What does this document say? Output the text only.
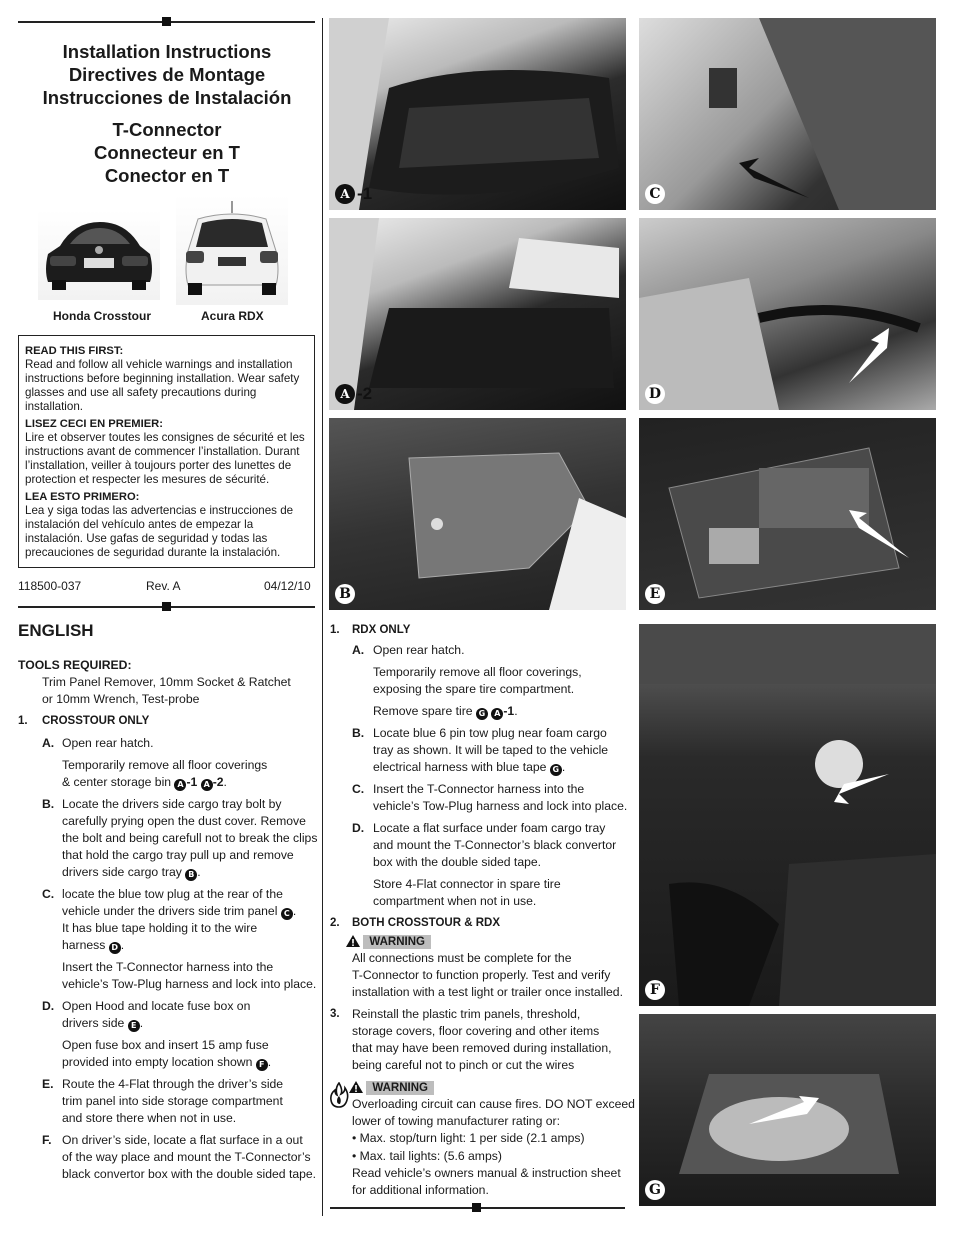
Installation Instructions
Directives de Montage
Instrucciones de Instalación
T-Connector
Connecteur en T
Conector en T
Honda Crosstour	Acura RDX
READ THIS FIRST:

Read and follow all vehicle warnings and installation instructions before beginning installation. Wear safety glasses and use all safety precautions during installation.

LISEZ CECI EN PREMIER:

Lire et observer toutes les consignes de sécurité et les instructions avant de commencer l’installation. Durant l’installation, veiller à toujours porter des lunettes de protection et respecter les mesures de sécurité.

LEA ESTO PRIMERO:

Lea y siga todas las advertencias e instrucciones de instalación del vehículo antes de empezar la instalación. Use gafas de seguridad y todas las precauciones de seguridad durante la instalación.

118500-037	Rev. A	04/12/10
ENGLISH
TOOLS REQUIRED:
Trim Panel Remover, 10mm Socket & Ratchet
or 10mm Wrench, Test-probe
1. CROSSTOUR ONLY
A. Open rear hatch.
Temporarily remove all floor coverings
& center storage bin A -1 A -2.
B. Locate the drivers side cargo tray bolt by
carefully prying open the dust cover. Remove
the bolt and being carefull not to break the clips
that hold the cargo tray pull up and remove
drivers side cargo tray B .
C. locate the blue tow plug at the rear of the
vehicle under the drivers side trim panel C .
It has blue tape holding it to the wire
harness D .
Insert the T-Connector harness into the
vehicle’s Tow-Plug harness and lock into place.
D. Open Hood and locate fuse box on
drivers side E .
Open fuse box and insert 15 amp fuse
provided into empty location shown F .
E. Route the 4-Flat through the driver’s side
trim panel into side storage compartment
and store there when not in use.
F. On driver’s side, locate a flat surface in a out
of the way place and mount the T-Connector’s
black convertor box with the double sided tape.
A -1
A -2
B
F
C
D
E
G
1. RDX ONLY
A. Open rear hatch.
Temporarily remove all floor coverings,
exposing the spare tire compartment.
Remove spare tire G A -1.
B. Locate blue 6 pin tow plug near foam cargo
tray as shown. It will be taped to the vehicle
electrical harness with blue tape G .
C. Insert the T-Connector harness into the
vehicle’s Tow-Plug harness and lock into place.
D. Locate a flat surface under foam cargo tray
and mount the T-Connector’s black convertor
box with the double sided tape.
Store 4-Flat connector in spare tire
compartment when not in use.
2. BOTH CROSSTOUR & RDX
WARNING
All connections must be complete for the
T-Connector to function properly. Test and verify
installation with a test light or trailer once installed.
3. Reinstall the plastic trim panels, threshold,
storage covers, floor covering and other items
that may have been removed during installation,
being careful not to pinch or cut the wires
WARNING
Overloading circuit can cause fires. DO NOT exceed
lower of towing manufacturer rating or:
• Max. stop/turn light: 1 per side (2.1 amps)
• Max. tail lights: (5.6 amps)
Read vehicle’s owners manual & instruction sheet
for additional information.
